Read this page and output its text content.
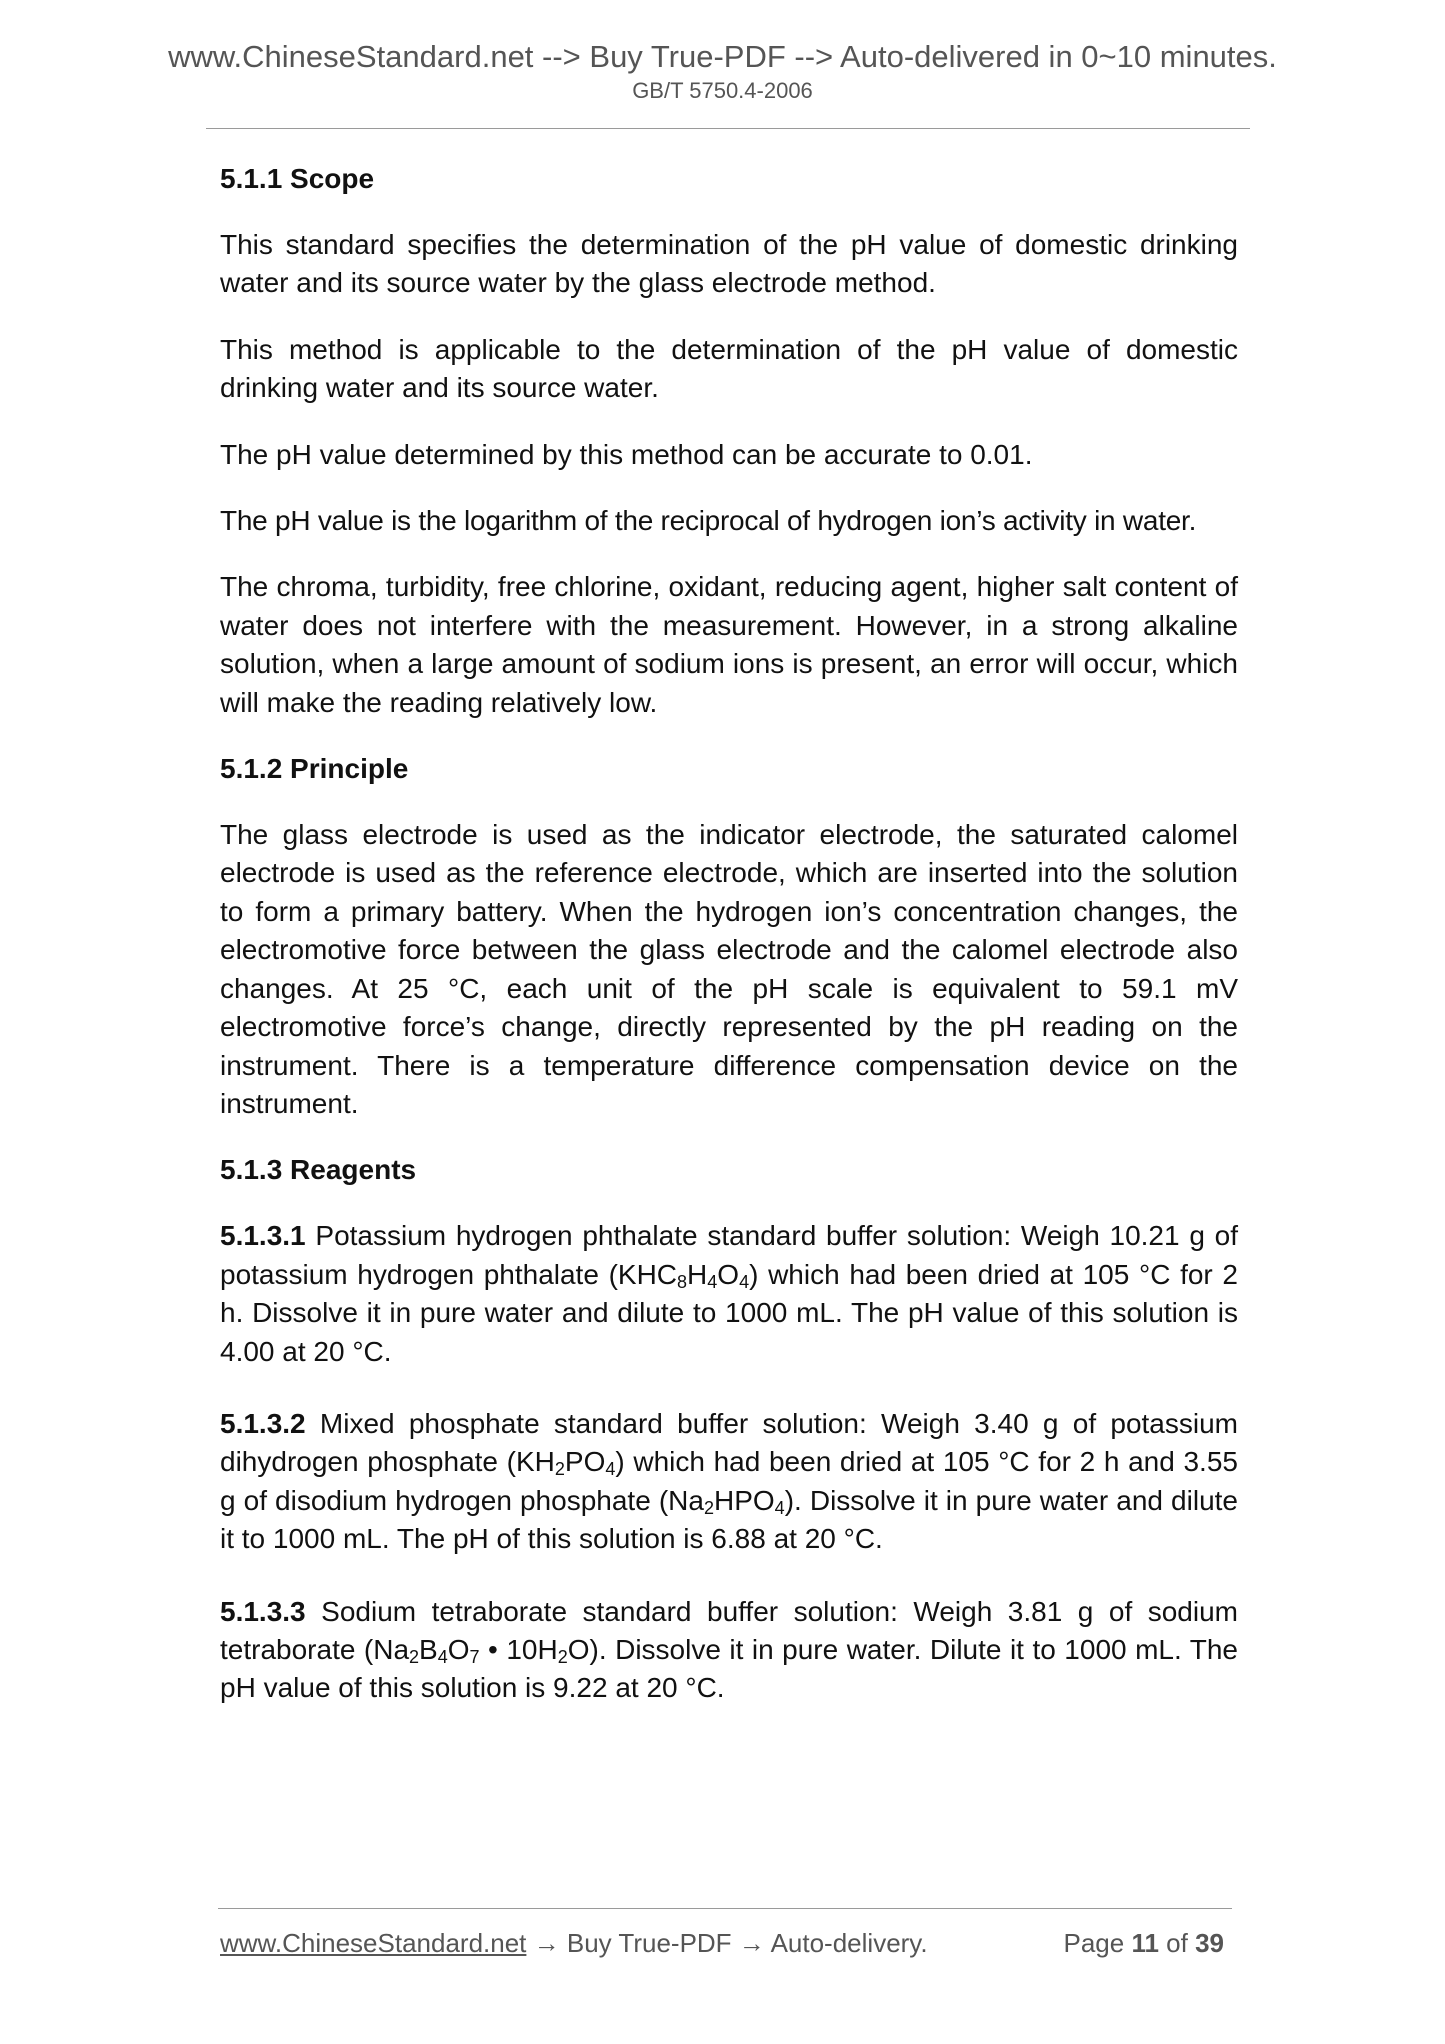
www.ChineseStandard.net --> Buy True-PDF --> Auto-delivered in 0~10 minutes.
GB/T 5750.4-2006
5.1.1 Scope

This standard specifies the determination of the pH value of domestic drinking water and its source water by the glass electrode method.

This method is applicable to the determination of the pH value of domestic drinking water and its source water.

The pH value determined by this method can be accurate to 0.01.

The pH value is the logarithm of the reciprocal of hydrogen ion’s activity in water.

The chroma, turbidity, free chlorine, oxidant, reducing agent, higher salt content of water does not interfere with the measurement. However, in a strong alkaline solution, when a large amount of sodium ions is present, an error will occur, which will make the reading relatively low.

5.1.2 Principle

The glass electrode is used as the indicator electrode, the saturated calomel electrode is used as the reference electrode, which are inserted into the solution to form a primary battery. When the hydrogen ion’s concentration changes, the electromotive force between the glass electrode and the calomel electrode also changes. At 25 °C, each unit of the pH scale is equivalent to 59.1 mV electromotive force’s change, directly represented by the pH reading on the instrument. There is a temperature difference compensation device on the instrument.

5.1.3 Reagents

5.1.3.1 Potassium hydrogen phthalate standard buffer solution: Weigh 10.21 g of potassium hydrogen phthalate $(KHC_8H_4O_4)$ which had been dried at 105 °C for 2 h. Dissolve it in pure water and dilute to 1000 mL. The pH value of this solution is 4.00 at 20 °C.

5.1.3.2 Mixed phosphate standard buffer solution: Weigh 3.40 g of potassium dihydrogen phosphate $(KH_2PO_4)$ which had been dried at 105 °C for 2 h and 3.55 g of disodium hydrogen phosphate $(Na_2HPO_4)$. Dissolve it in pure water and dilute it to 1000 mL. The pH of this solution is 6.88 at 20 °C.

5.1.3.3 Sodium tetraborate standard buffer solution: Weigh 3.81 g of sodium tetraborate ($Na_2B_4O_7$ • $10H_2O$). Dissolve it in pure water. Dilute it to 1000 mL. The pH value of this solution is 9.22 at 20 °C.

www.ChineseStandard.net → Buy True-PDF → Auto-delivery.	Page 11 of 39
